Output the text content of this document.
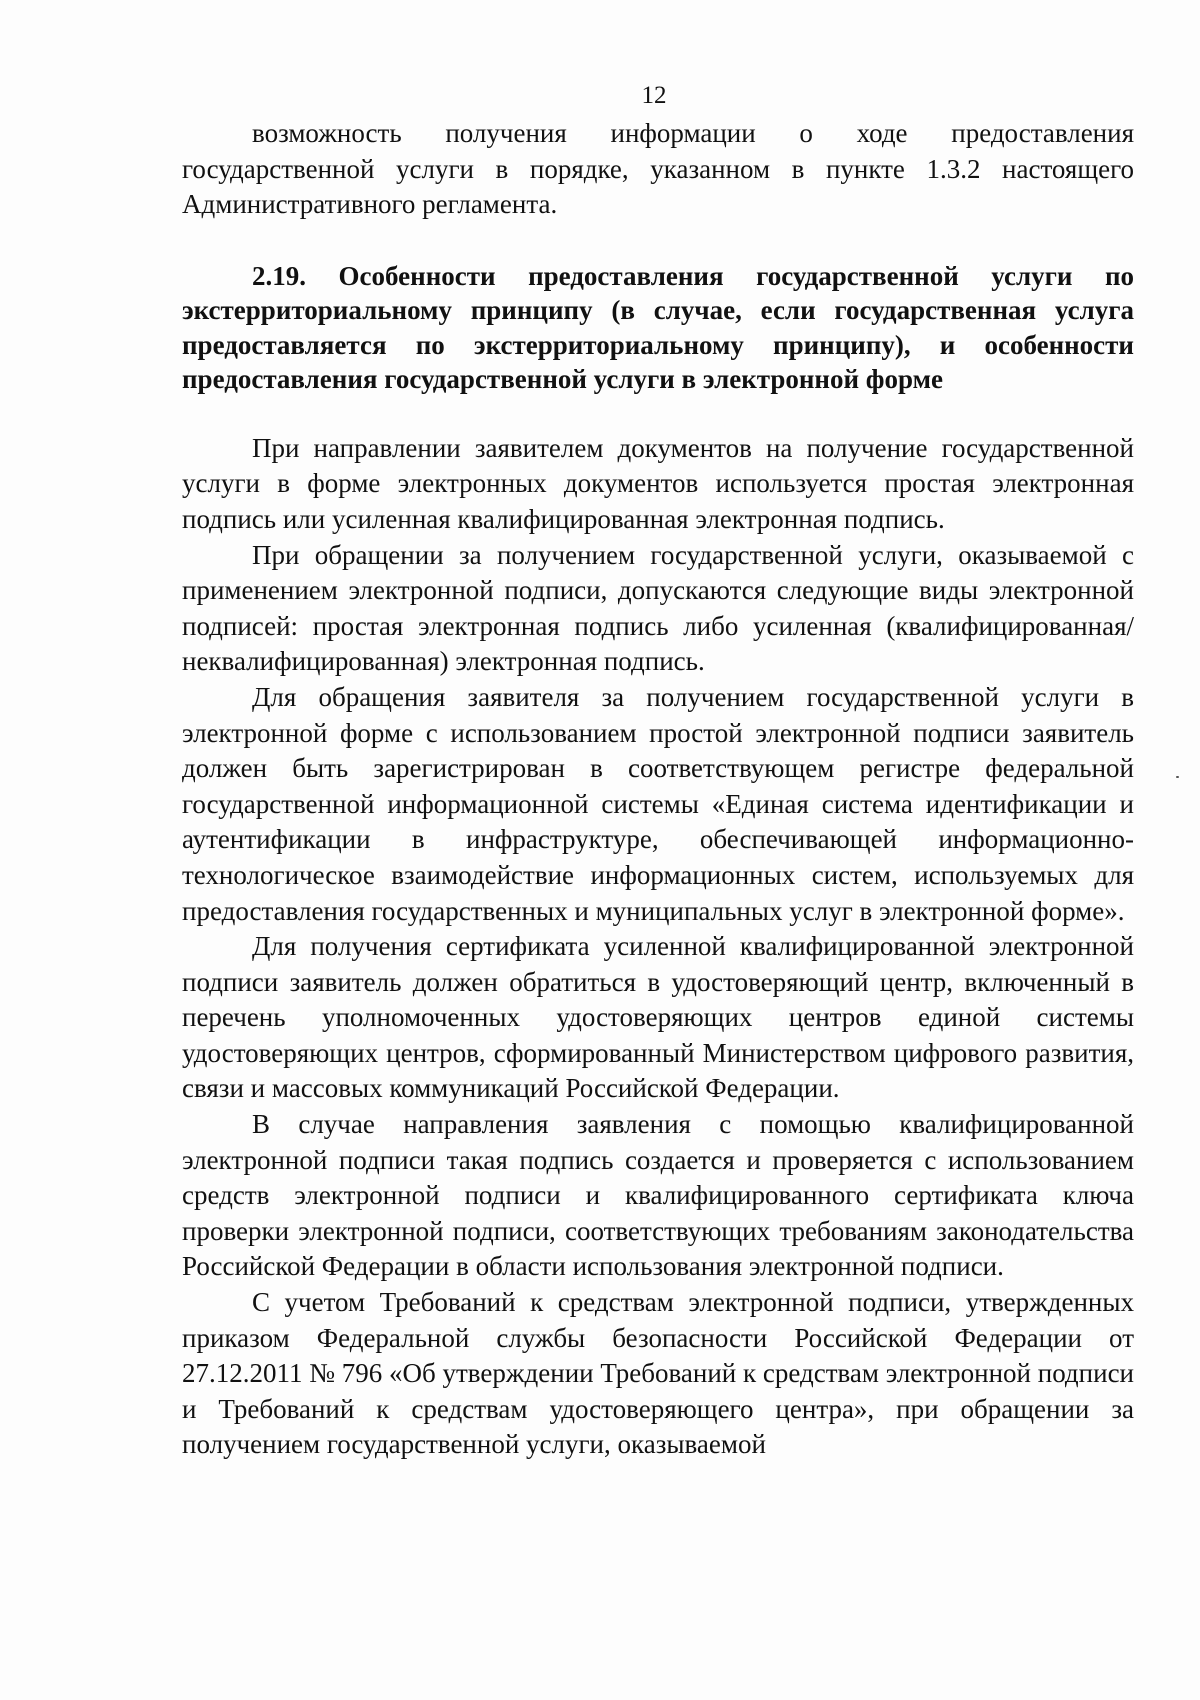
12

возможность получения информации о ходе предоставления государственной услуги в порядке, указанном в пункте 1.3.2 настоящего Административного регламента.

2.19. Особенности предоставления государственной услуги по экстерриториальному принципу (в случае, если государственная услуга предоставляется по экстерриториальному принципу), и особенности предоставления государственной услуги в электронной форме

При направлении заявителем документов на получение государственной услуги в форме электронных документов используется простая электронная подпись или усиленная квалифицированная электронная подпись.

При обращении за получением государственной услуги, оказываемой с применением электронной подписи, допускаются следующие виды электронной подписей: простая электронная подпись либо усиленная (квалифицированная/неквалифицированная) электронная подпись.

Для обращения заявителя за получением государственной услуги в электронной форме с использованием простой электронной подписи заявитель должен быть зарегистрирован в соответствующем регистре федеральной государственной информационной системы «Единая система идентификации и аутентификации в инфраструктуре, обеспечивающей информационно-технологическое взаимодействие информационных систем, используемых для предоставления государственных и муниципальных услуг в электронной форме».

Для получения сертификата усиленной квалифицированной электронной подписи заявитель должен обратиться в удостоверяющий центр, включенный в перечень уполномоченных удостоверяющих центров единой системы удостоверяющих центров, сформированный Министерством цифрового развития, связи и массовых коммуникаций Российской Федерации.

В случае направления заявления с помощью квалифицированной электронной подписи такая подпись создается и проверяется с использованием средств электронной подписи и квалифицированного сертификата ключа проверки электронной подписи, соответствующих требованиям законодательства Российской Федерации в области использования электронной подписи.

С учетом Требований к средствам электронной подписи, утвержденных приказом Федеральной службы безопасности Российской Федерации от 27.12.2011 № 796 «Об утверждении Требований к средствам электронной подписи и Требований к средствам удостоверяющего центра», при обращении за получением государственной услуги, оказываемой
